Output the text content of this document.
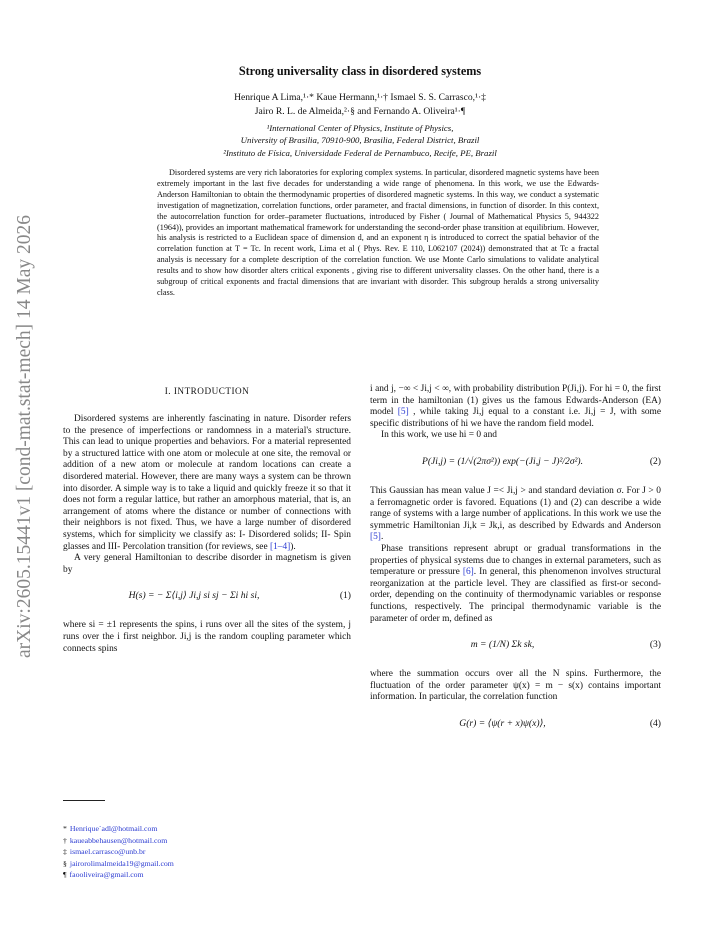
arXiv:2605.15441v1 [cond-mat.stat-mech] 14 May 2026
Strong universality class in disordered systems
Henrique A Lima,¹·* Kaue Hermann,¹·† Ismael S. S. Carrasco,¹·‡
Jairo R. L. de Almeida,²·§ and Fernando A. Oliveira¹·¶
¹International Center of Physics, Institute of Physics,
University of Brasilia, 70910-900, Brasilia, Federal District, Brazil
²Instituto de Física, Universidade Federal de Pernambuco, Recife, PE, Brazil

Disordered systems are very rich laboratories for exploring complex systems. In particular, disordered magnetic systems have been extremely important in the last five decades for understanding a wide range of phenomena. In this work, we use the Edwards-Anderson Hamiltonian to obtain the thermodynamic properties of disordered magnetic systems. In this way, we conduct a systematic investigation of magnetization, correlation functions, order parameter, and fractal dimensions, in function of disorder. In this context, the autocorrelation function for order–parameter fluctuations, introduced by Fisher ( Journal of Mathematical Physics 5, 944322 (1964)), provides an important mathematical framework for understanding the second-order phase transition at equilibrium. However, his analysis is restricted to a Euclidean space of dimension d, and an exponent η is introduced to correct the spatial behavior of the correlation function at T = Tc. In recent work, Lima et al ( Phys. Rev. E 110, L062107 (2024)) demonstrated that at Tc a fractal analysis is necessary for a complete description of the correlation function. We use Monte Carlo simulations to validate analytical results and to show how disorder alters critical exponents , giving rise to different universality classes. On the other hand, there is a subgroup of critical exponents and fractal dimensions that are invariant with disorder. This subgroup heralds a strong universality class.

I. INTRODUCTION

Disordered systems are inherently fascinating in nature. Disorder refers to the presence of imperfections or randomness in a material's structure. This can lead to unique properties and behaviors. For a material represented by a structured lattice with one atom or molecule at one site, the removal or addition of a new atom or molecule at random locations can create a disordered material. However, there are many ways a system can be thrown into disorder. A simple way is to take a liquid and quickly freeze it so that it does not form a regular lattice, but rather an amorphous material, that is, an arrangement of atoms where the distance or number of connections with their neighbors is not fixed. Thus, we have a large number of disordered systems, which for simplicity we classify as: I- Disordered solids; II- Spin glasses and III- Percolation transition (for reviews, see [1–4]).

A very general Hamiltonian to describe disorder in magnetism is given by

H(s) = − Σ⟨i,j⟩ Ji,j si sj − Σi hi si,	(1)

where si = ±1 represents the spins, i runs over all the sites of the system, j runs over the i first neighbor. Ji,j is the random coupling parameter which connects spins

i and j, −∞ < Ji,j < ∞, with probability distribution P(Ji,j). For hi = 0, the first term in the hamiltonian (1) gives us the famous Edwards-Anderson (EA) model [5] , while taking Ji,j equal to a constant i.e. Ji,j = J, with some specific distributions of hi we have the random field model.

In this work, we use hi = 0 and

P(Ji,j) = (1/√(2πσ²)) exp(−(Ji,j − J)²/2σ²).	(2)

This Gaussian has mean value J =< Ji,j > and standard deviation σ. For J > 0 a ferromagnetic order is favored. Equations (1) and (2) can describe a wide range of systems with a large number of applications. In this work we use the symmetric Hamiltonian Ji,k = Jk,i, as described by Edwards and Anderson [5].

Phase transitions represent abrupt or gradual transformations in the properties of physical systems due to changes in external parameters, such as temperature or pressure [6]. In general, this phenomenon involves structural reorganization at the particle level. They are classified as first-or second-order, depending on the continuity of thermodynamic variables or response functions, respectively. The principal thermodynamic variable is the parameter of order m, defined as

m = (1/N) Σk sk,	(3)

where the summation occurs over all the N spins. Furthermore, the fluctuation of the order parameter ψ(x) = m − s(x) contains important information. In particular, the correlation function

G(r) = ⟨ψ(r + x)ψ(x)⟩,	(4)
* Henrique`adl@hotmail.com
† kaueabbehausen@hotmail.com
‡ ismael.carrasco@unb.br
§ jairorolimalmeida19@gmail.com
¶ faooliveira@gmail.com
